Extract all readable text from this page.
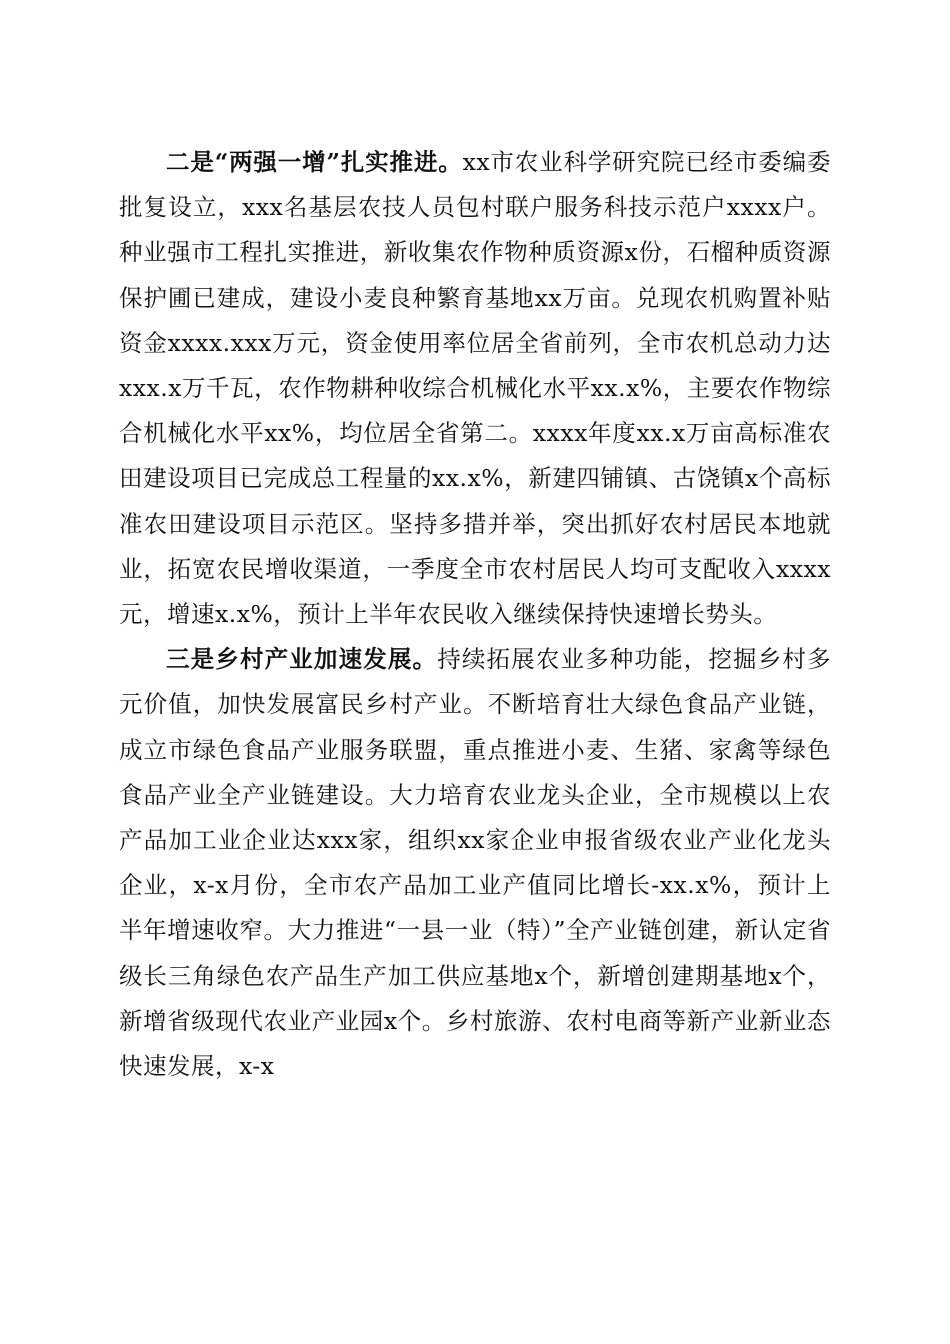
二是“两强一增”扎实推进。xx市农业科学研究院已经市委编委批复设立，xxx名基层农技人员包村联户服务科技示范户xxxx户。种业强市工程扎实推进，新收集农作物种质资源x份，石榴种质资源保护圃已建成，建设小麦良种繁育基地xx万亩。兑现农机购置补贴资金xxxx.xxx万元，资金使用率位居全省前列，全市农机总动力达xxx.x万千瓦，农作物耕种收综合机械化水平xx.x%，主要农作物综合机械化水平xx%，均位居全省第二。xxxx年度xx.x万亩高标准农田建设项目已完成总工程量的xx.x%，新建四铺镇、古饶镇x个高标准农田建设项目示范区。坚持多措并举，突出抓好农村居民本地就业，拓宽农民增收渠道，一季度全市农村居民人均可支配收入xxxx元，增速x.x%，预计上半年农民收入继续保持快速增长势头。

三是乡村产业加速发展。持续拓展农业多种功能，挖掘乡村多元价值，加快发展富民乡村产业。不断培育壮大绿色食品产业链，成立市绿色食品产业服务联盟，重点推进小麦、生猪、家禽等绿色食品产业全产业链建设。大力培育农业龙头企业，全市规模以上农产品加工业企业达xxx家，组织xx家企业申报省级农业产业化龙头企业，x-x月份，全市农产品加工业产值同比增长-xx.x%，预计上半年增速收窄。大力推进“一县一业（特）”全产业链创建，新认定省级长三角绿色农产品生产加工供应基地x个，新增创建期基地x个，新增省级现代农业产业园x个。乡村旅游、农村电商等新产业新业态快速发展，x-x
